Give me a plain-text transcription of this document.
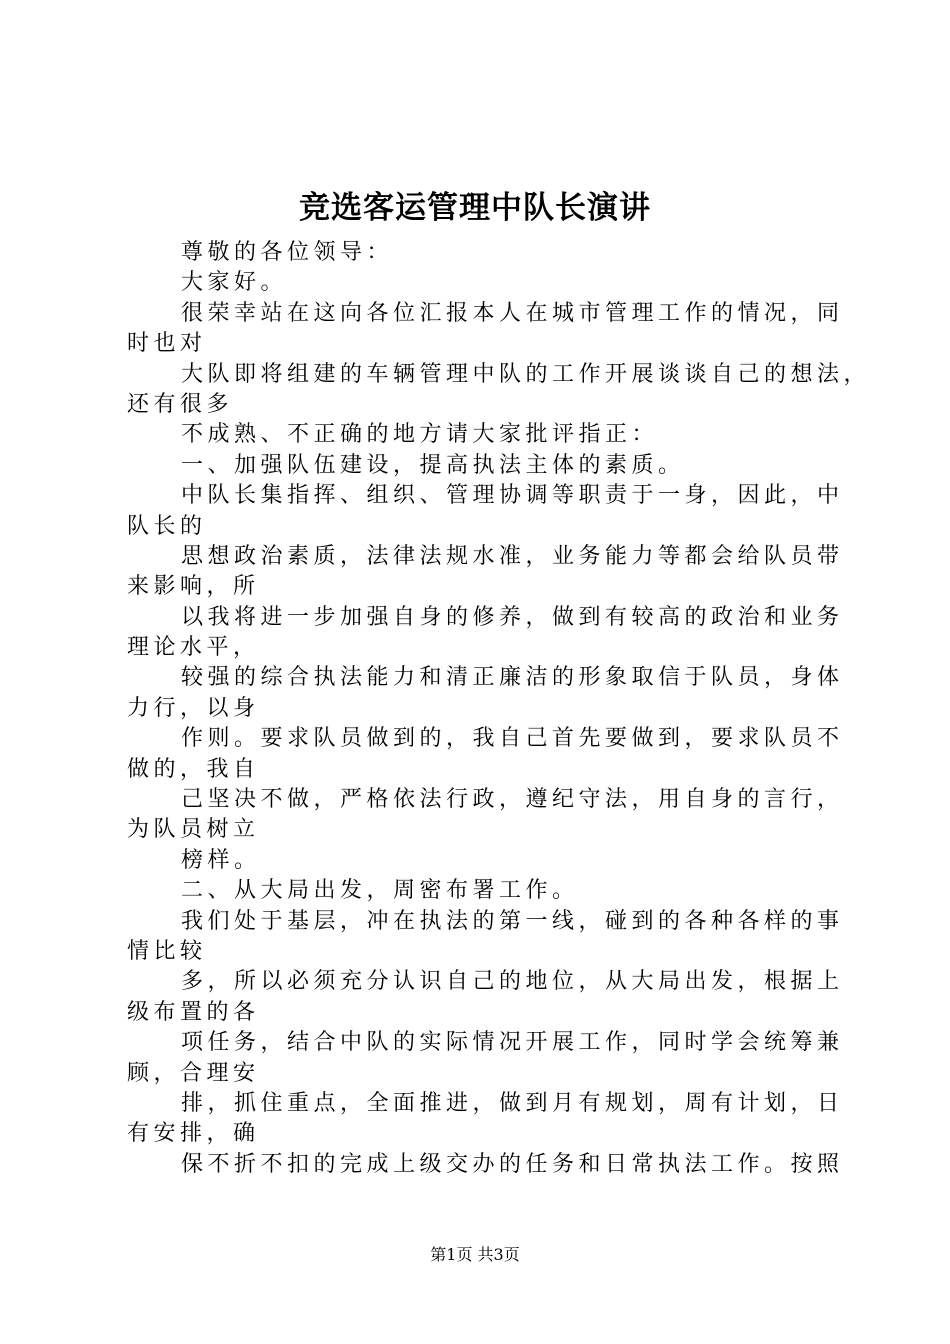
竞选客运管理中队长演讲
尊敬的各位领导：
大家好。
很荣幸站在这向各位汇报本人在城市管理工作的情况，同
时也对
大队即将组建的车辆管理中队的工作开展谈谈自己的想法，
还有很多
不成熟、不正确的地方请大家批评指正：
一、加强队伍建设，提高执法主体的素质。
中队长集指挥、组织、管理协调等职责于一身，因此，中
队长的
思想政治素质，法律法规水准，业务能力等都会给队员带
来影响，所
以我将进一步加强自身的修养，做到有较高的政治和业务
理论水平，
较强的综合执法能力和清正廉洁的形象取信于队员，身体
力行，以身
作则。要求队员做到的，我自己首先要做到，要求队员不
做的，我自
己坚决不做，严格依法行政，遵纪守法，用自身的言行，
为队员树立
榜样。
二、从大局出发，周密布署工作。
我们处于基层，冲在执法的第一线，碰到的各种各样的事
情比较
多，所以必须充分认识自己的地位，从大局出发，根据上
级布置的各
项任务，结合中队的实际情况开展工作，同时学会统筹兼
顾，合理安
排，抓住重点，全面推进，做到月有规划，周有计划，日
有安排，确
保不折不扣的完成上级交办的任务和日常执法工作。按照
第1页 共3页
